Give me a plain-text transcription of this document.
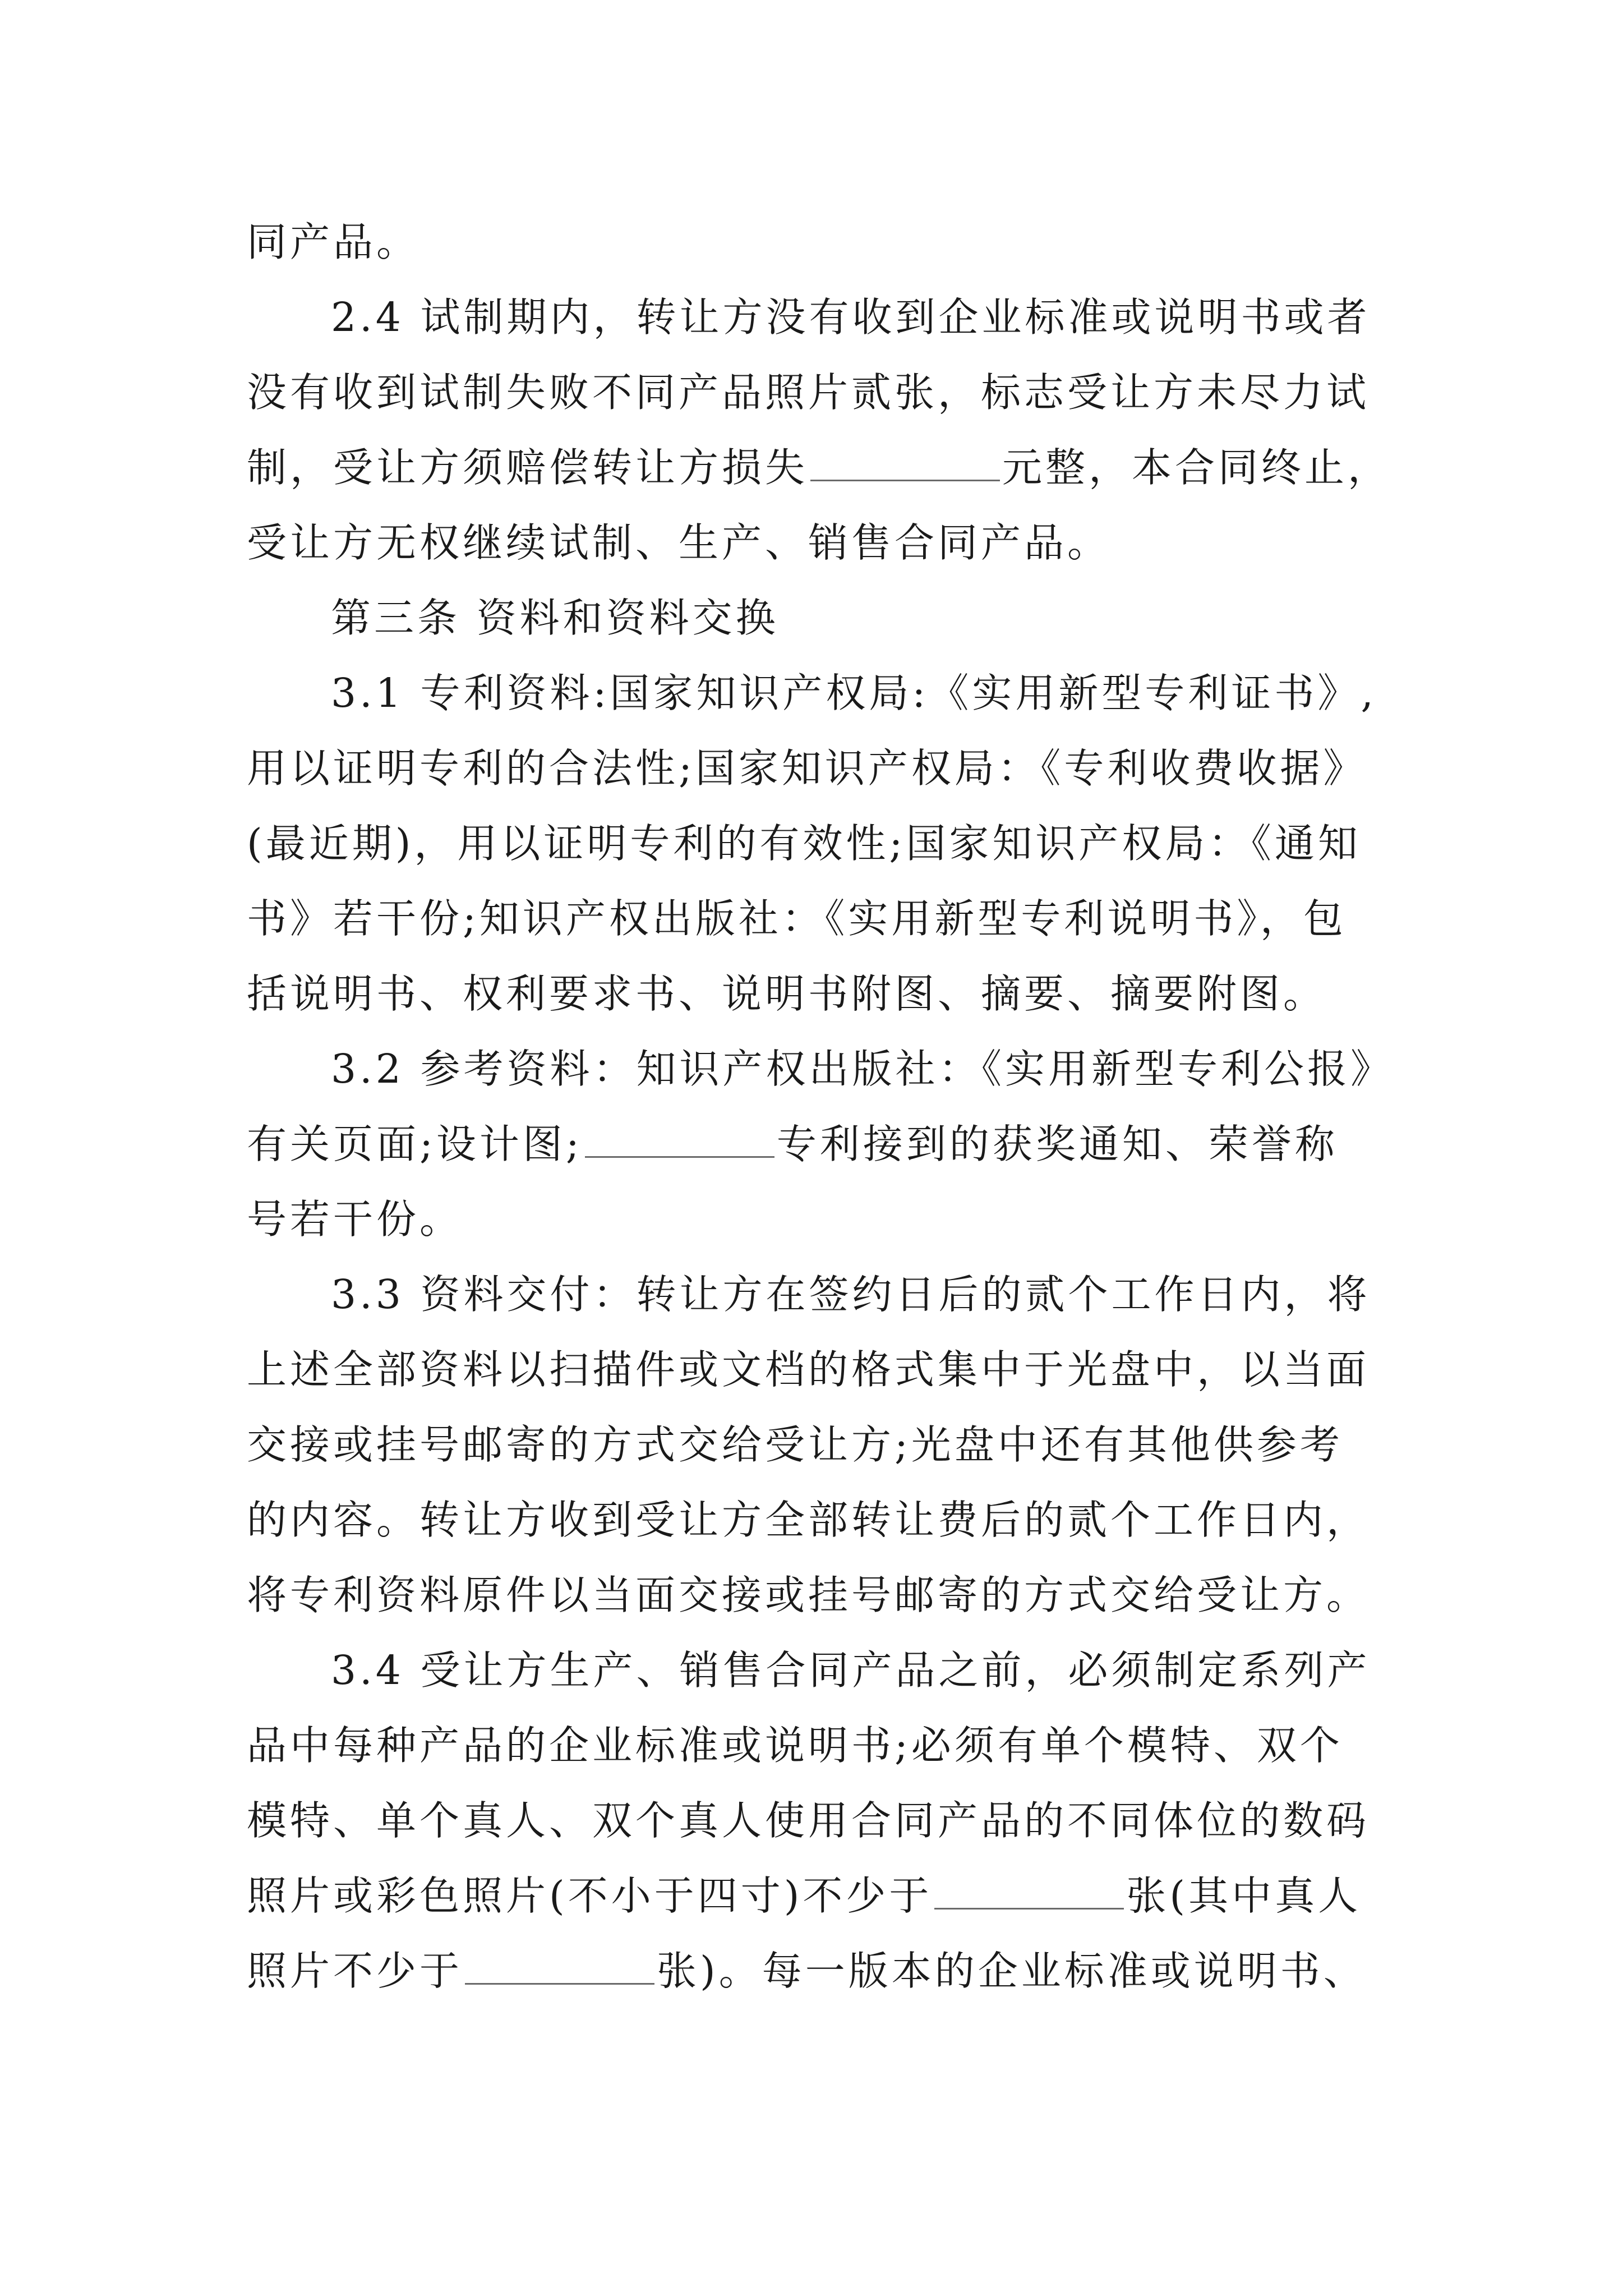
同产品。
2.4 试制期内，转让方没有收到企业标准或说明书或者
没有收到试制失败不同产品照片贰张，标志受让方未尽力试
制，受让方须赔偿转让方损失	元整，本合同终止，
受让方无权继续试制、生产、销售合同产品。
第三条 资料和资料交换
3.1 专利资料:国家知识产权局:《实用新型专利证书》,
用以证明专利的合法性;国家知识产权局：《专利收费收据》
(最近期)，用以证明专利的有效性;国家知识产权局：《通知
书》若干份;知识产权出版社：《实用新型专利说明书》，包
括说明书、权利要求书、说明书附图、摘要、摘要附图。
3.2 参考资料：知识产权出版社：《实用新型专利公报》
有关页面;设计图;	专利接到的获奖通知、荣誉称
号若干份。
3.3 资料交付：转让方在签约日后的贰个工作日内，将
上述全部资料以扫描件或文档的格式集中于光盘中，以当面
交接或挂号邮寄的方式交给受让方;光盘中还有其他供参考
的内容。转让方收到受让方全部转让费后的贰个工作日内，
将专利资料原件以当面交接或挂号邮寄的方式交给受让方。
3.4 受让方生产、销售合同产品之前，必须制定系列产
品中每种产品的企业标准或说明书;必须有单个模特、双个
模特、单个真人、双个真人使用合同产品的不同体位的数码
照片或彩色照片(不小于四寸)不少于	张(其中真人
照片不少于	张)。每一版本的企业标准或说明书、
